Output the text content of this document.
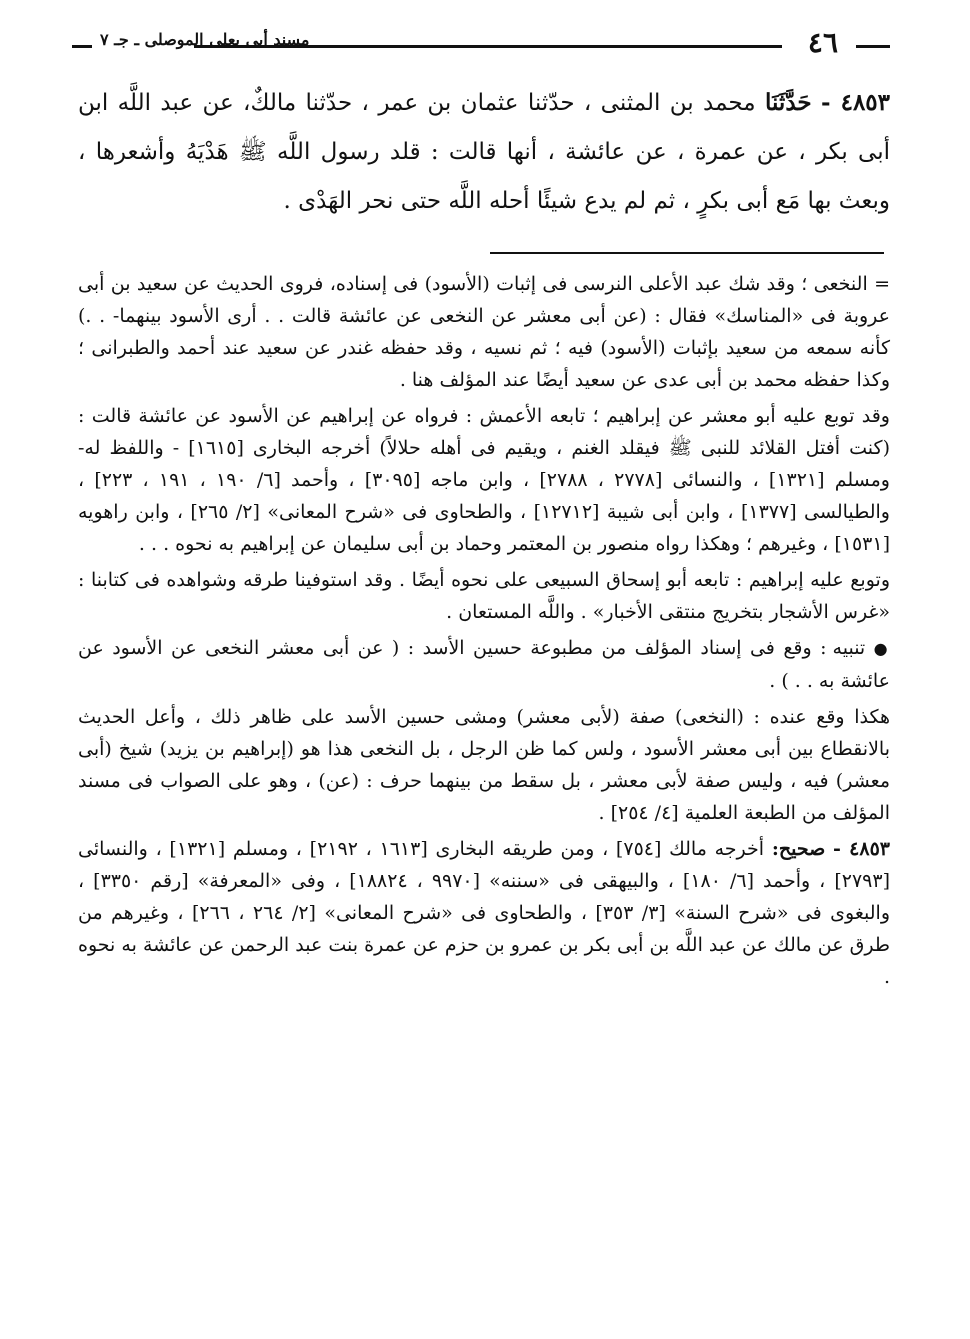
٤٦
مسند أبى يعلى الموصلى ـ جـ ٧
٤٨٥٣ - حَدَّثَنَا محمد بن المثنى ، حدّثنا عثمان بن عمر ، حدّثنا مالكٌ، عن عبد اللَّه ابن أبى بكر ، عن عمرة ، عن عائشة ، أنها قالت : قلد رسول اللَّه ﷺ هَدْيَهُ وأشعرها ، وبعث بها مَع أبى بكرٍ ، ثم لم يدع شيئًا أحله اللَّه حتى نحر الهَدْى .

= النخعى ؛ وقد شك عبد الأعلى النرسى فى إثبات (الأسود) فى إسناده، فروى الحديث عن سعيد بن أبى عروبة فى «المناسك» فقال : (عن أبى معشر عن النخعى عن عائشة قالت . . أرى الأسود بينهما- . .) كأنه سمعه من سعيد بإثبات (الأسود) فيه ؛ ثم نسيه ، وقد حفظه غندر عن سعيد عند أحمد والطبرانى ؛ وكذا حفظه محمد بن أبى عدى عن سعيد أيضًا عند المؤلف هنا .

وقد توبع عليه أبو معشر عن إبراهيم ؛ تابعه الأعمش : فرواه عن إبراهيم عن الأسود عن عائشة قالت : (كنت أفتل القلائد للنبى ﷺ فيقلد الغنم ، ويقيم فى أهله حلالاً) أخرجه البخارى [١٦١٥] - واللفظ له- ومسلم [١٣٢١] ، والنسائى [٢٧٧٨ ، ٢٧٨٨] ، وابن ماجه [٣٠٩٥] ، وأحمد [٦/ ١٩٠ ، ١٩١ ، ٢٢٣] ، والطيالسى [١٣٧٧] ، وابن أبى شيبة [١٢٧١٢] ، والطحاوى فى «شرح المعانى» [٢/ ٢٦٥] ، وابن راهويه [١٥٣١] ، وغيرهم ؛ وهكذا رواه منصور بن المعتمر وحماد بن أبى سليمان عن إبراهيم به نحوه . . .

وتوبع عليه إبراهيم : تابعه أبو إسحاق السبيعى على نحوه أيضًا . وقد استوفينا طرقه وشواهده فى كتابنا : «غرس الأشجار بتخريج منتقى الأخبار» . واللَّه المستعان .

● تنبيه : وقع فى إسناد المؤلف من مطبوعة حسين الأسد : ( عن أبى معشر النخعى عن الأسود عن عائشة به . . ) .

هكذا وقع عنده : (النخعى) صفة (لأبى معشر) ومشى حسين الأسد على ظاهر ذلك ، وأعل الحديث بالانقطاع بين أبى معشر الأسود ، ولس كما ظن الرجل ، بل النخعى هذا هو (إبراهيم بن يزيد) شيخ (أبى معشر) فيه ، وليس صفة لأبى معشر ، بل سقط من بينهما حرف : (عن) ، وهو على الصواب فى مسند المؤلف من الطبعة العلمية [٤/ ٢٥٤] .

٤٨٥٣ - صحيح: أخرجه مالك [٧٥٤] ، ومن طريقه البخارى [١٦١٣ ، ٢١٩٢] ، ومسلم [١٣٢١] ، والنسائى [٢٧٩٣] ، وأحمد [٦/ ١٨٠] ، والبيهقى فى «سننه» [٩٩٧٠ ، ١٨٨٢٤] ، وفى «المعرفة» [رقم ٣٣٥٠] ، والبغوى فى «شرح السنة» [٣/ ٣٥٣] ، والطحاوى فى «شرح المعانى» [٢/ ٢٦٤ ، ٢٦٦] ، وغيرهم من طرق عن مالك عن عبد اللَّه بن أبى بكر بن عمرو بن حزم عن عمرة بنت عبد الرحمن عن عائشة به نحوه .
